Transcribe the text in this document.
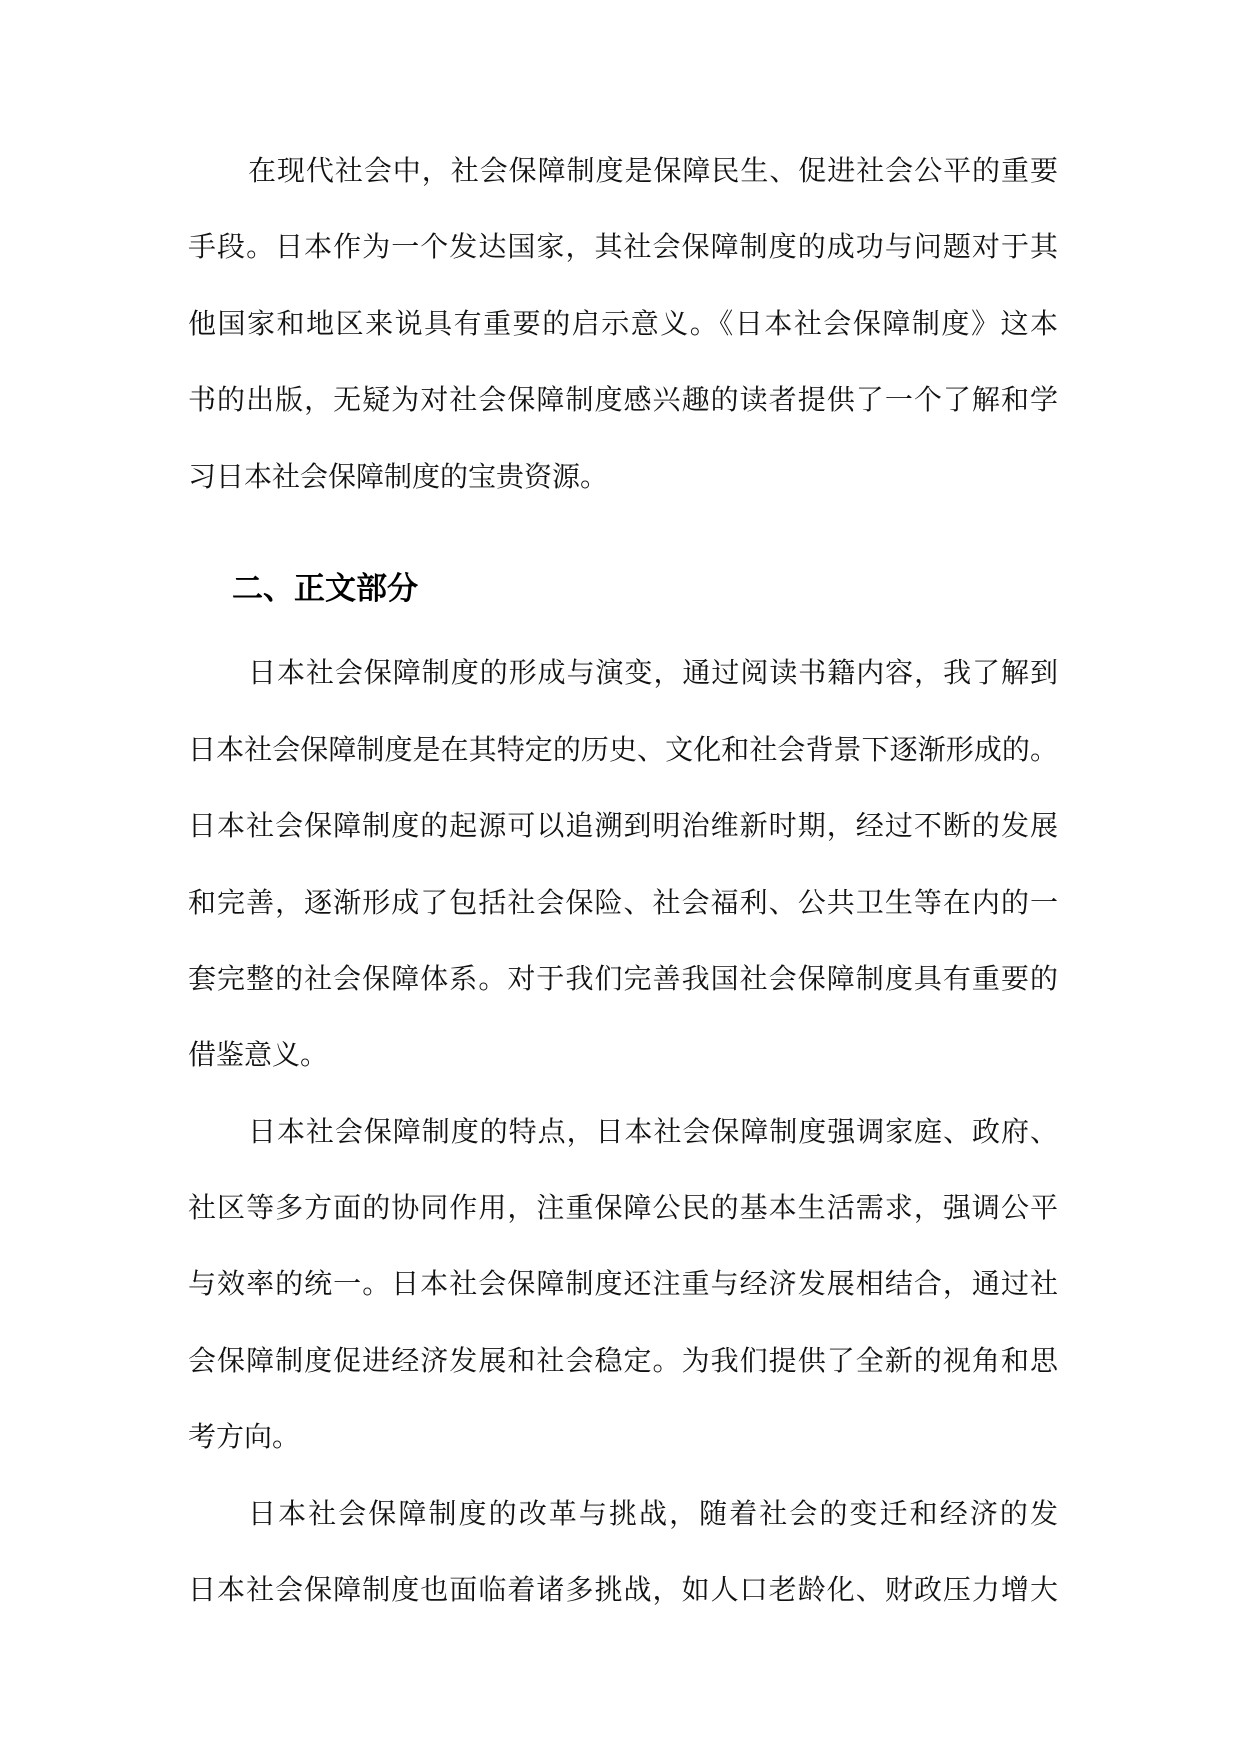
在现代社会中，社会保障制度是保障民生、促进社会公平的重要
手段。日本作为一个发达国家，其社会保障制度的成功与问题对于其
他国家和地区来说具有重要的启示意义。《日本社会保障制度》这本
书的出版，无疑为对社会保障制度感兴趣的读者提供了一个了解和学
习日本社会保障制度的宝贵资源。
二、正文部分
日本社会保障制度的形成与演变，通过阅读书籍内容，我了解到
日本社会保障制度是在其特定的历史、文化和社会背景下逐渐形成的。
日本社会保障制度的起源可以追溯到明治维新时期，经过不断的发展
和完善，逐渐形成了包括社会保险、社会福利、公共卫生等在内的一
套完整的社会保障体系。对于我们完善我国社会保障制度具有重要的
借鉴意义。
日本社会保障制度的特点，日本社会保障制度强调家庭、政府、
社区等多方面的协同作用，注重保障公民的基本生活需求，强调公平
与效率的统一。日本社会保障制度还注重与经济发展相结合，通过社
会保障制度促进经济发展和社会稳定。为我们提供了全新的视角和思
考方向。
日本社会保障制度的改革与挑战，随着社会的变迁和经济的发
日本社会保障制度也面临着诸多挑战，如人口老龄化、财政压力增大
